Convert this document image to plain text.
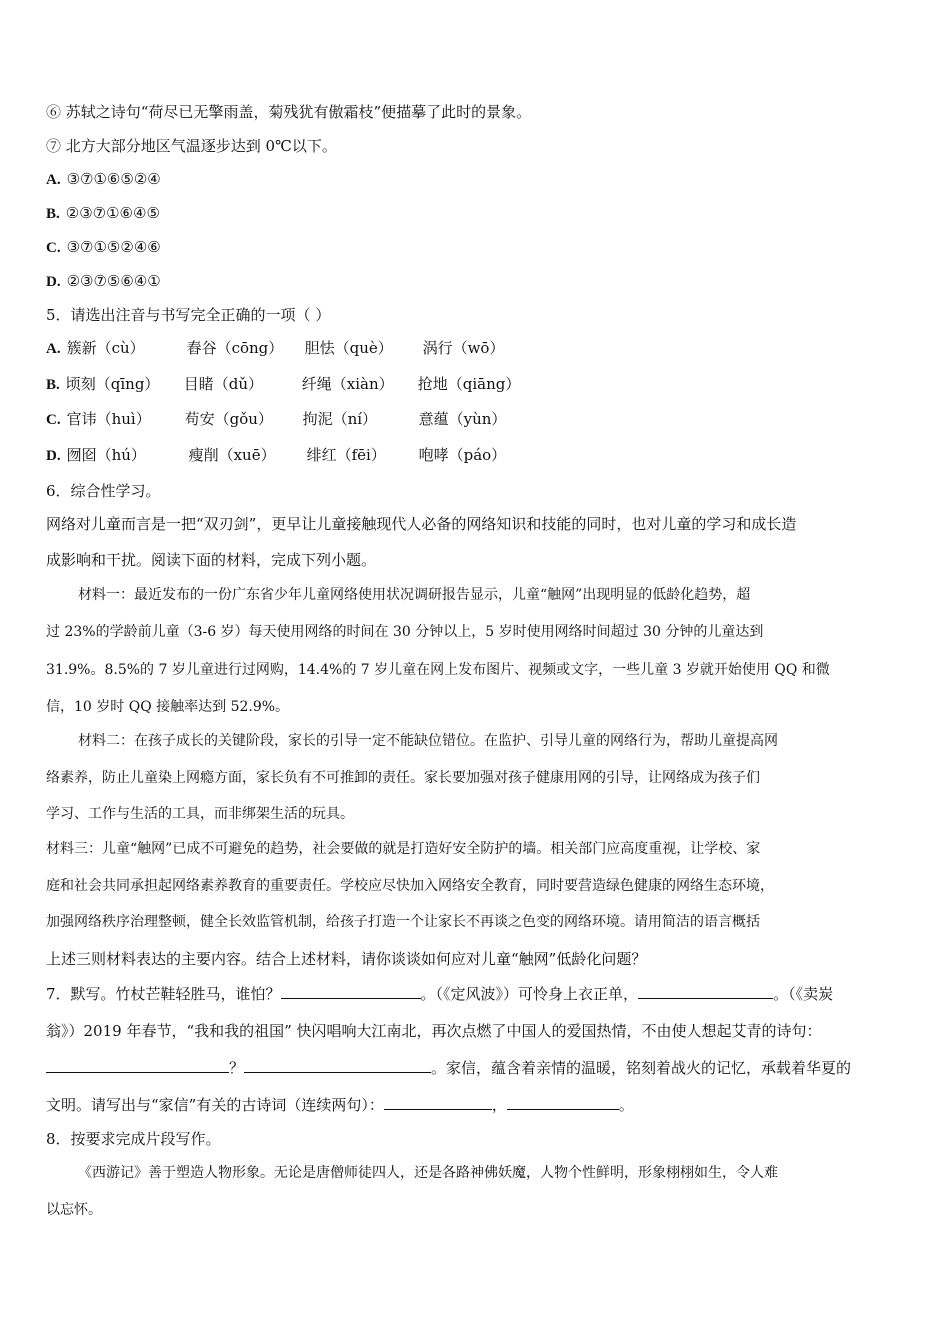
⑥ 苏轼之诗句“荷尽已无擎雨盖，菊残犹有傲霜枝”便描摹了此时的景象。
⑦ 北方大部分地区气温逐步达到 0℃以下。
A. ③⑦①⑥⑤②④
B. ②③⑦①⑥④⑤
C. ③⑦①⑤②④⑥
D. ②③⑦⑤⑥④①
5．请选出注音与书写完全正确的一项（ ）
A. 簇新（cù）	舂谷（cōng） 胆怯（què） 涡行（wō）
B. 顷刻（qīng） 目睹（dǔ）	纤绳（xiàn） 抢地（qiāng）
C. 官讳（huì） 苟安（gǒu） 拘泥（ní）	意蕴（yùn）
D. 囫囵（hú）	瘦削（xuē） 绯红（fēi） 咆哮（páo）
6．综合性学习。
网络对儿童而言是一把“双刃剑”，更早让儿童接触现代人必备的网络知识和技能的同时，也对儿童的学习和成长造
成影响和干扰。阅读下面的材料，完成下列小题。
材料一：最近发布的一份广东省少年儿童网络使用状况调研报告显示，儿童“触网”出现明显的低龄化趋势，超
过 23%的学龄前儿童（3-6 岁）每天使用网络的时间在 30 分钟以上，5 岁时使用网络时间超过 30 分钟的儿童达到
31.9%。8.5%的 7 岁儿童进行过网购，14.4%的 7 岁儿童在网上发布图片、视频或文字，一些儿童 3 岁就开始使用 QQ 和微
信，10 岁时 QQ 接触率达到 52.9%。
材料二：在孩子成长的关键阶段，家长的引导一定不能缺位错位。在监护、引导儿童的网络行为，帮助儿童提高网
络素养，防止儿童染上网瘾方面，家长负有不可推卸的责任。家长要加强对孩子健康用网的引导，让网络成为孩子们
学习、工作与生活的工具，而非绑架生活的玩具。
材料三：儿童“触网”已成不可避免的趋势，社会要做的就是打造好安全防护的墙。相关部门应高度重视，让学校、家
庭和社会共同承担起网络素养教育的重要责任。学校应尽快加入网络安全教育，同时要营造绿色健康的网络生态环境，
加强网络秩序治理整顿，健全长效监管机制，给孩子打造一个让家长不再谈之色变的网络环境。请用简洁的语言概括
上述三则材料表达的主要内容。结合上述材料，请你谈谈如何应对儿童“触网”低龄化问题？
7．默写。竹杖芒鞋轻胜马，谁怕？	。（《定风波》）可怜身上衣正单，	。（《卖炭
翁》）2019 年春节，“我和我的祖国” 快闪唱响大江南北，再次点燃了中国人的爱国热情，不由使人想起艾青的诗句：
？	。家信，蕴含着亲情的温暖，铭刻着战火的记忆，承载着华夏的
文明。请写出与“家信”有关的古诗词（连续两句）：	，	。
8．按要求完成片段写作。
《西游记》善于塑造人物形象。无论是唐僧师徒四人，还是各路神佛妖魔，人物个性鲜明，形象栩栩如生，令人难
以忘怀。
